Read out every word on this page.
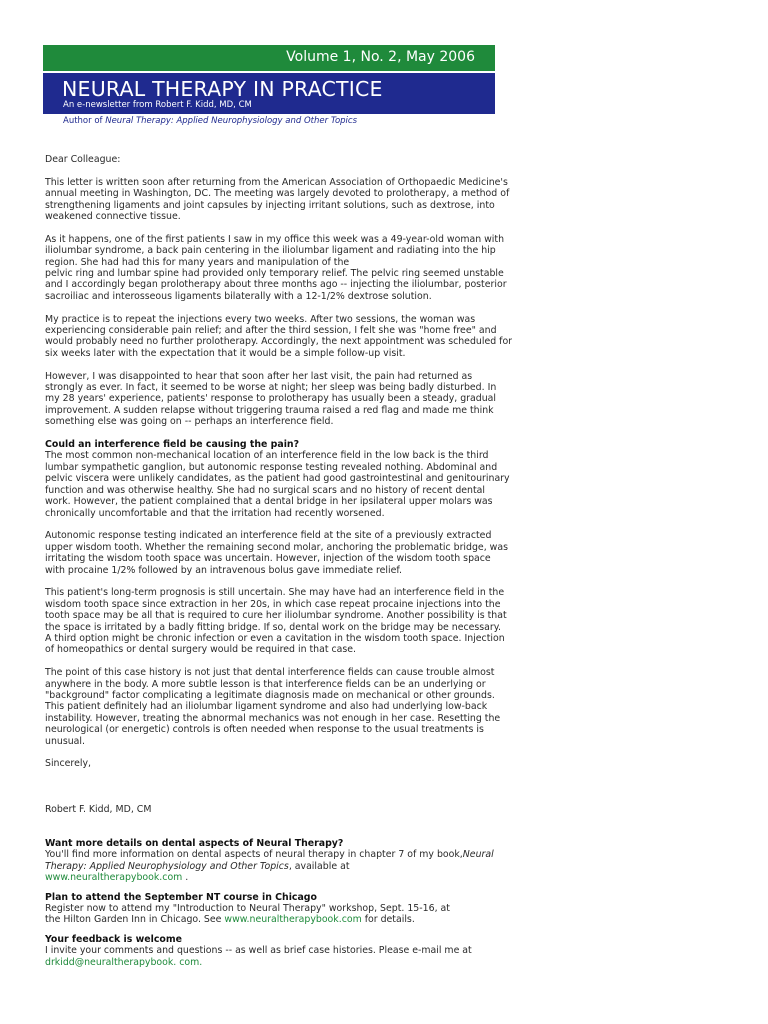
Volume 1, No. 2, May 2006
NEURAL THERAPY IN PRACTICE
An e-newsletter from Robert F. Kidd, MD, CM
Author of Neural Therapy: Applied Neurophysiology and Other Topics

Dear Colleague:

This letter is written soon after returning from the American Association of Orthopaedic Medicine's
annual meeting in Washington, DC. The meeting was largely devoted to prolotherapy, a method of
strengthening ligaments and joint capsules by injecting irritant solutions, such as dextrose, into
weakened connective tissue.

As it happens, one of the first patients I saw in my office this week was a 49-year-old woman with
iliolumbar syndrome, a back pain centering in the iliolumbar ligament and radiating into the hip
region. She had had this for many years and manipulation of the
pelvic ring and lumbar spine had provided only temporary relief. The pelvic ring seemed unstable
and I accordingly began prolotherapy about three months ago -- injecting the iliolumbar, posterior
sacroiliac and interosseous ligaments bilaterally with a 12-1/2% dextrose solution.

My practice is to repeat the injections every two weeks. After two sessions, the woman was
experiencing considerable pain relief; and after the third session, I felt she was "home free" and
would probably need no further prolotherapy. Accordingly, the next appointment was scheduled for
six weeks later with the expectation that it would be a simple follow-up visit.

However, I was disappointed to hear that soon after her last visit, the pain had returned as
strongly as ever. In fact, it seemed to be worse at night; her sleep was being badly disturbed. In
my 28 years' experience, patients' response to prolotherapy has usually been a steady, gradual
improvement. A sudden relapse without triggering trauma raised a red flag and made me think
something else was going on -- perhaps an interference field.

Could an interference field be causing the pain?

The most common non-mechanical location of an interference field in the low back is the third
lumbar sympathetic ganglion, but autonomic response testing revealed nothing. Abdominal and
pelvic viscera were unlikely candidates, as the patient had good gastrointestinal and genitourinary
function and was otherwise healthy. She had no surgical scars and no history of recent dental
work. However, the patient complained that a dental bridge in her ipsilateral upper molars was
chronically uncomfortable and that the irritation had recently worsened.

Autonomic response testing indicated an interference field at the site of a previously extracted
upper wisdom tooth. Whether the remaining second molar, anchoring the problematic bridge, was
irritating the wisdom tooth space was uncertain. However, injection of the wisdom tooth space
with procaine 1/2% followed by an intravenous bolus gave immediate relief.

This patient's long-term prognosis is still uncertain. She may have had an interference field in the
wisdom tooth space since extraction in her 20s, in which case repeat procaine injections into the
tooth space may be all that is required to cure her iliolumbar syndrome. Another possibility is that
the space is irritated by a badly fitting bridge. If so, dental work on the bridge may be necessary.
A third option might be chronic infection or even a cavitation in the wisdom tooth space. Injection
of homeopathics or dental surgery would be required in that case.

The point of this case history is not just that dental interference fields can cause trouble almost
anywhere in the body. A more subtle lesson is that interference fields can be an underlying or
"background" factor complicating a legitimate diagnosis made on mechanical or other grounds.
This patient definitely had an iliolumbar ligament syndrome and also had underlying low-back
instability. However, treating the abnormal mechanics was not enough in her case. Resetting the
neurological (or energetic) controls is often needed when response to the usual treatments is
unusual.

Sincerely,

Robert F. Kidd, MD, CM

Want more details on dental aspects of Neural Therapy?

You'll find more information on dental aspects of neural therapy in chapter 7 of my book,Neural
Therapy: Applied Neurophysiology and Other Topics, available at
www.neuraltherapybook.com .

Plan to attend the September NT course in Chicago

Register now to attend my "Introduction to Neural Therapy" workshop, Sept. 15-16, at
the Hilton Garden Inn in Chicago. See www.neuraltherapybook.com for details.

Your feedback is welcome

I invite your comments and questions -- as well as brief case histories. Please e-mail me at
drkidd@neuraltherapybook. com.
